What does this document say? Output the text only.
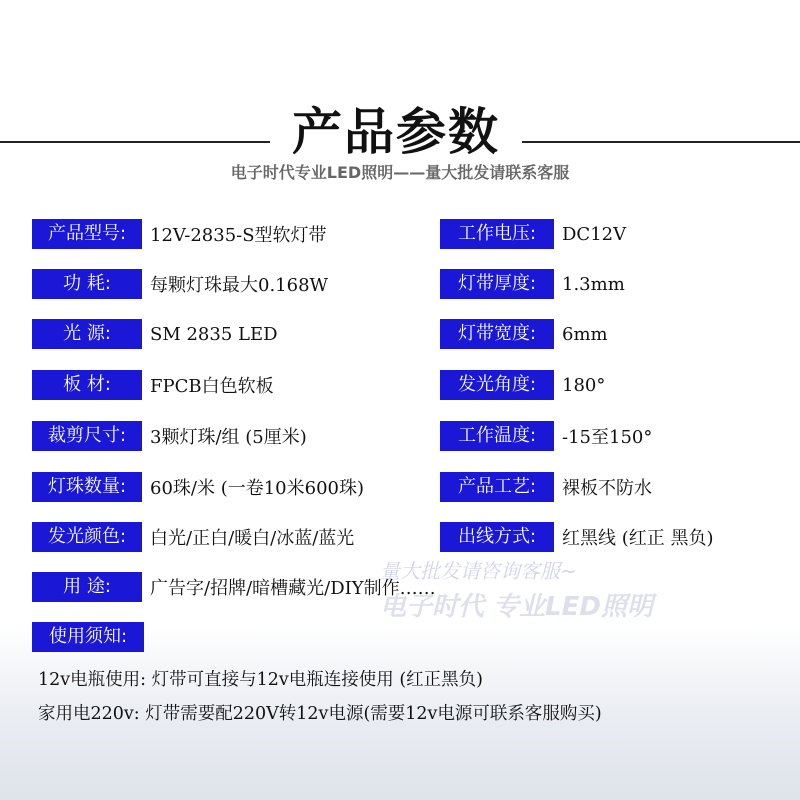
产品参数
电子时代专业LED照明——量大批发请联系客服
产品型号:	12V-2835-S型软灯带
功 耗:	每颗灯珠最大0.168W
光 源:	SM 2835 LED
板 材:	FPCB白色软板
裁剪尺寸:	3颗灯珠/组 (5厘米)
灯珠数量:	60珠/米 (一卷10米600珠)
发光颜色:	白光/正白/暖白/冰蓝/蓝光
用 途:	广告字/招牌/暗槽藏光/DIY制作……
工作电压:	DC12V
灯带厚度:	1.3mm
灯带宽度:	6mm
发光角度:	180°
工作温度:	-15至150°
产品工艺:	裸板不防水
出线方式:	红黑线 (红正 黑负)
量大批发请咨询客服~
电子时代 专业LED照明
使用须知:
12v电瓶使用: 灯带可直接与12v电瓶连接使用 (红正黑负)
家用电220v: 灯带需要配220V转12v电源(需要12v电源可联系客服购买)
